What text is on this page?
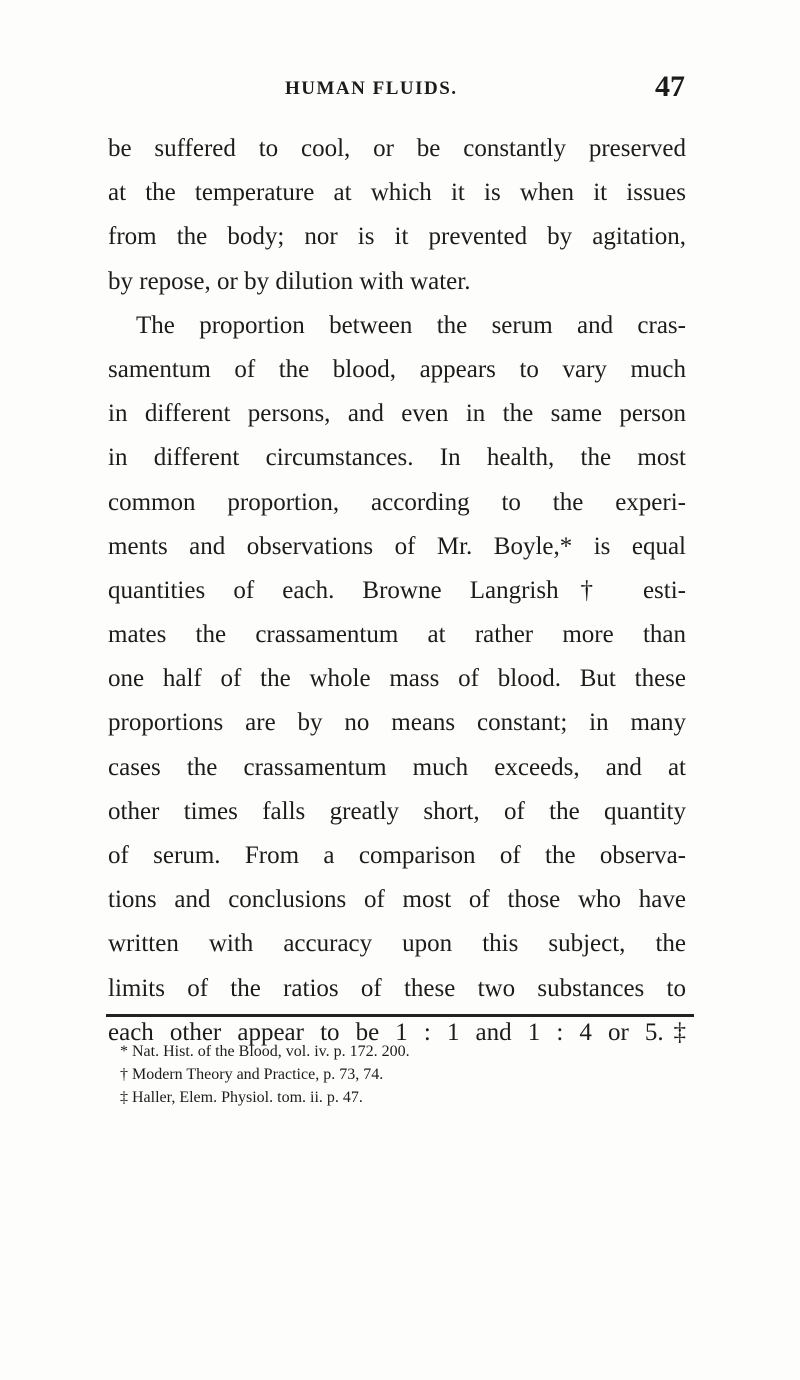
HUMAN FLUIDS.	47
be suffered to cool, or be constantly preserved
at the temperature at which it is when it issues
from the body; nor is it prevented by agitation,
by repose, or by dilution with water.
The proportion between the serum and cras-
samentum of the blood, appears to vary much
in different persons, and even in the same person
in different circumstances. In health, the most
common proportion, according to the experi-
ments and observations of Mr. Boyle,* is equal
quantities of each. Browne Langrish† esti-
mates the crassamentum at rather more than
one half of the whole mass of blood. But these
proportions are by no means constant; in many
cases the crassamentum much exceeds, and at
other times falls greatly short, of the quantity
of serum. From a comparison of the observa-
tions and conclusions of most of those who have
written with accuracy upon this subject, the
limits of the ratios of these two substances to
each other appear to be 1 : 1 and 1 : 4 or 5.‡
* Nat. Hist. of the Blood, vol. iv. p. 172. 200.
† Modern Theory and Practice, p. 73, 74.
‡ Haller, Elem. Physiol. tom. ii. p. 47.
